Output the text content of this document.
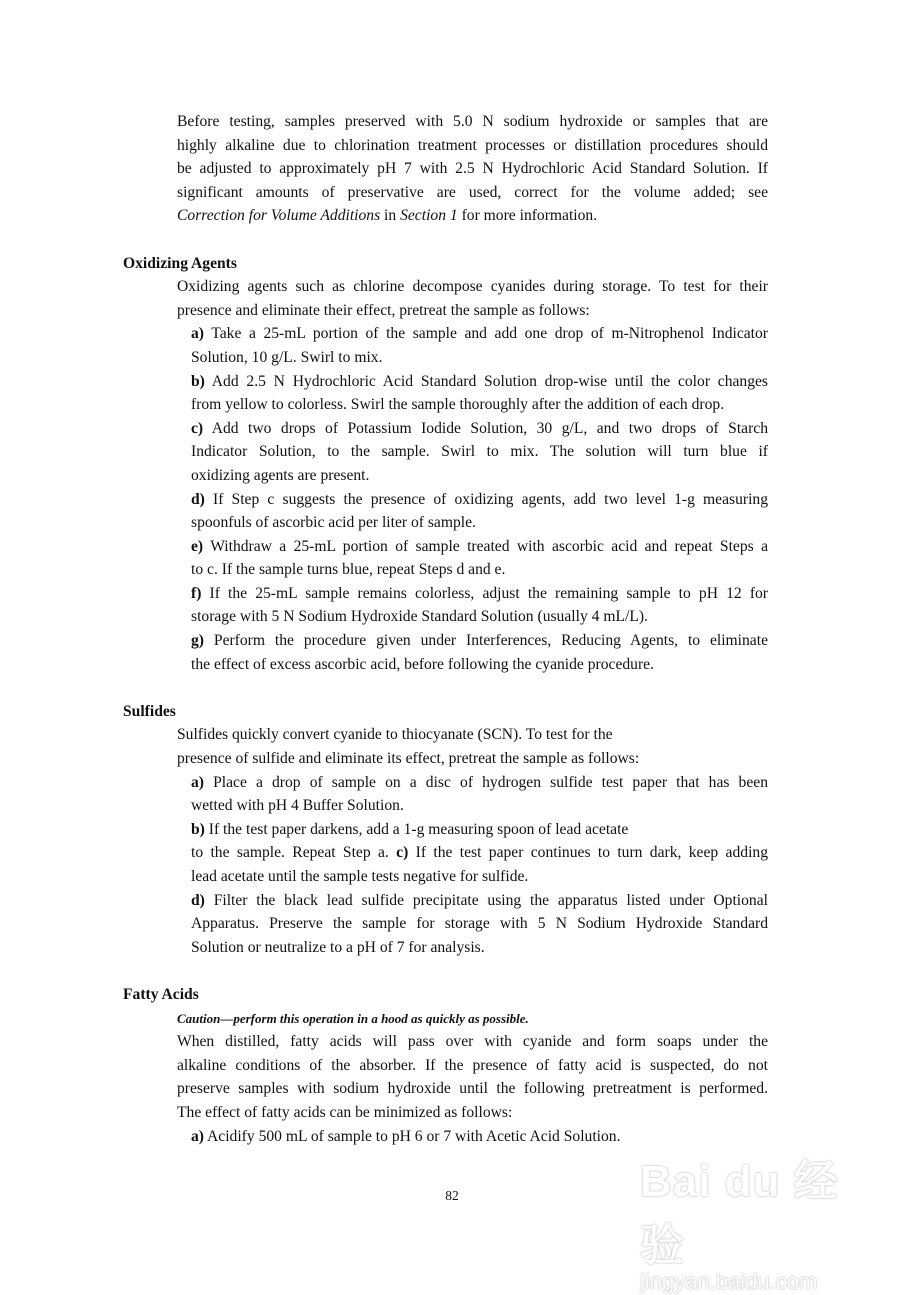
Before testing, samples preserved with 5.0 N sodium hydroxide or samples that are
highly alkaline due to chlorination treatment processes or distillation procedures should
be adjusted to approximately pH 7 with 2.5 N Hydrochloric Acid Standard Solution. If
significant amounts of preservative are used, correct for the volume added; see
Correction for Volume Additions in Section 1 for more information.
Oxidizing Agents
Oxidizing agents such as chlorine decompose cyanides during storage. To test for their
presence and eliminate their effect, pretreat the sample as follows:
a) Take a 25-mL portion of the sample and add one drop of m-Nitrophenol Indicator
Solution, 10 g/L. Swirl to mix.
b) Add 2.5 N Hydrochloric Acid Standard Solution drop-wise until the color changes
from yellow to colorless. Swirl the sample thoroughly after the addition of each drop.
c) Add two drops of Potassium Iodide Solution, 30 g/L, and two drops of Starch
Indicator Solution, to the sample. Swirl to mix. The solution will turn blue if
oxidizing agents are present.
d) If Step c suggests the presence of oxidizing agents, add two level 1-g measuring
spoonfuls of ascorbic acid per liter of sample.
e) Withdraw a 25-mL portion of sample treated with ascorbic acid and repeat Steps a
to c. If the sample turns blue, repeat Steps d and e.
f) If the 25-mL sample remains colorless, adjust the remaining sample to pH 12 for
storage with 5 N Sodium Hydroxide Standard Solution (usually 4 mL/L).
g) Perform the procedure given under Interferences, Reducing Agents, to eliminate
the effect of excess ascorbic acid, before following the cyanide procedure.
Sulfides
Sulfides quickly convert cyanide to thiocyanate (SCN). To test for the
presence of sulfide and eliminate its effect, pretreat the sample as follows:
a) Place a drop of sample on a disc of hydrogen sulfide test paper that has been
wetted with pH 4 Buffer Solution.
b) If the test paper darkens, add a 1-g measuring spoon of lead acetate
to the sample. Repeat Step a. c) If the test paper continues to turn dark, keep adding
lead acetate until the sample tests negative for sulfide.
d) Filter the black lead sulfide precipitate using the apparatus listed under Optional
Apparatus. Preserve the sample for storage with 5 N Sodium Hydroxide Standard
Solution or neutralize to a pH of 7 for analysis.
Fatty Acids
Caution—perform this operation in a hood as quickly as possible.
When distilled, fatty acids will pass over with cyanide and form soaps under the
alkaline conditions of the absorber. If the presence of fatty acid is suspected, do not
preserve samples with sodium hydroxide until the following pretreatment is performed.
The effect of fatty acids can be minimized as follows:
a) Acidify 500 mL of sample to pH 6 or 7 with Acetic Acid Solution.
82	Bai du 经验
jingyan.baidu.com
